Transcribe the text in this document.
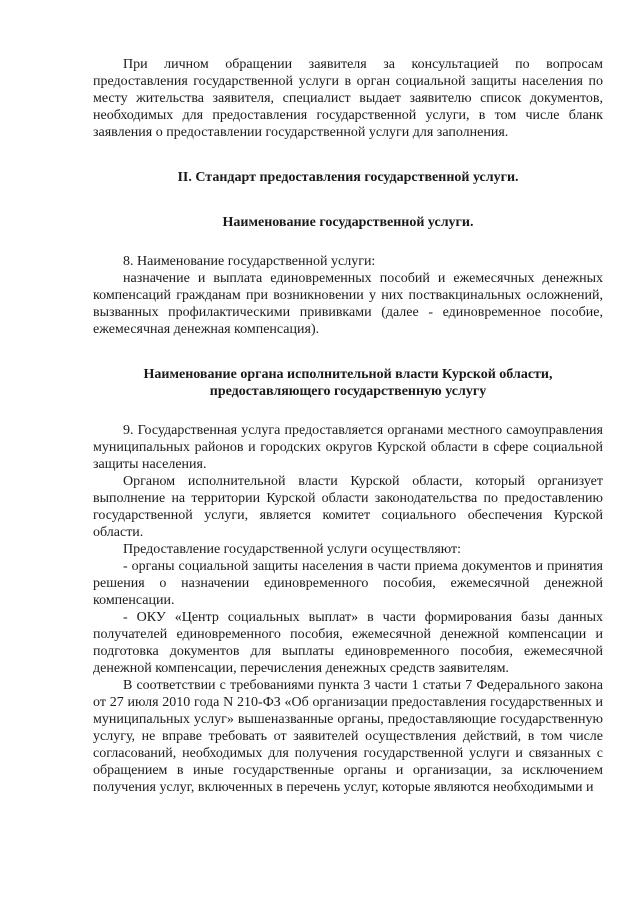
При личном обращении заявителя за консультацией по вопросам предоставления государственной услуги в орган социальной защиты населения по месту жительства заявителя, специалист выдает заявителю список документов, необходимых для предоставления государственной услуги, в том числе бланк заявления о предоставлении государственной услуги для заполнения.

II. Стандарт предоставления государственной услуги.

Наименование государственной услуги.

8. Наименование государственной услуги:

назначение и выплата единовременных пособий и ежемесячных денежных компенсаций гражданам при возникновении у них поствакцинальных осложнений, вызванных профилактическими прививками (далее - единовременное пособие, ежемесячная денежная компенсация).

Наименование органа исполнительной власти Курской области,

предоставляющего государственную услугу

9. Государственная услуга предоставляется органами местного самоуправления муниципальных районов и городских округов Курской области в сфере социальной защиты населения.

Органом исполнительной власти Курской области, который организует выполнение на территории Курской области законодательства по предоставлению государственной услуги, является комитет социального обеспечения Курской области.

Предоставление государственной услуги осуществляют:

- органы социальной защиты населения в части приема документов и принятия решения о назначении единовременного пособия, ежемесячной денежной компенсации.

- ОКУ «Центр социальных выплат» в части формирования базы данных получателей единовременного пособия, ежемесячной денежной компенсации и подготовка документов для выплаты единовременного пособия, ежемесячной денежной компенсации, перечисления денежных средств заявителям.

В соответствии с требованиями пункта 3 части 1 статьи 7 Федерального закона от 27 июля 2010 года N 210-ФЗ «Об организации предоставления государственных и муниципальных услуг» вышеназванные органы, предоставляющие государственную услугу, не вправе требовать от заявителей осуществления действий, в том числе согласований, необходимых для получения государственной услуги и связанных с обращением в иные государственные органы и организации, за исключением получения услуг, включенных в перечень услуг, которые являются необходимыми и
